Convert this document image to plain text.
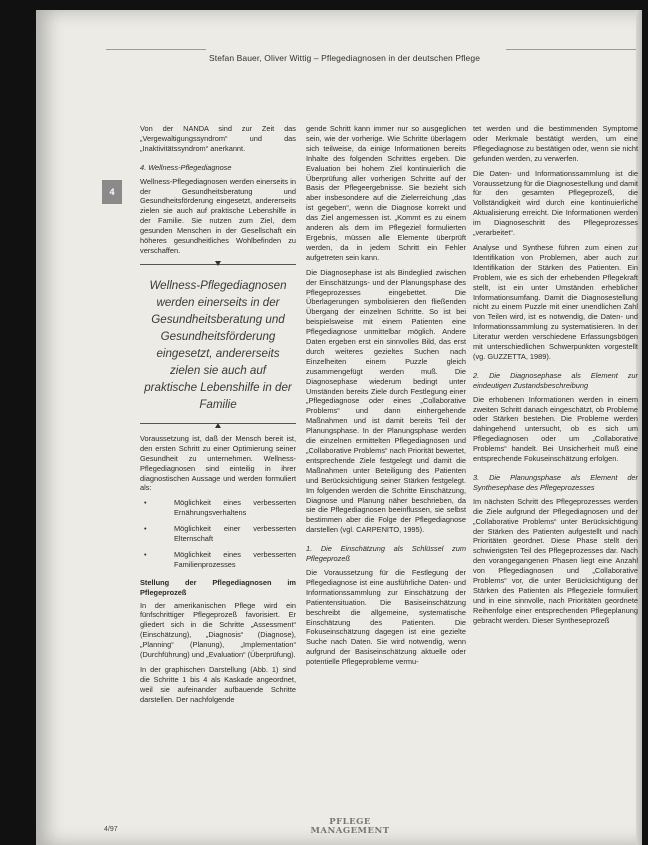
Stefan Bauer, Oliver Wittig – Pflegediagnosen in der deutschen Pflege
4

Von der NANDA sind zur Zeit das „Vergewaltigungssyndrom“ und das „Inaktivitätssyndrom“ anerkannt.

4. Wellness-Pflegediagnose

Wellness-Pflegediagnosen werden einerseits in der Gesundheitsberatung und Gesundheitsförderung eingesetzt, andererseits zielen sie auch auf praktische Lebenshilfe in der Familie. Sie nutzen zum Ziel, dem gesunden Menschen in der Gesellschaft ein höheres gesundheitliches Wohlbefinden zu verschaffen.

Wellness-Pflegediagnosen werden einerseits in der Gesundheitsberatung und Gesundheitsförderung eingesetzt, andererseits zielen sie auch auf praktische Lebenshilfe in der Familie

Voraussetzung ist, daß der Mensch bereit ist, den ersten Schritt zu einer Optimierung seiner Gesundheit zu unternehmen. Wellness-Pflegediagnosen sind einteilig in ihrer diagnostischen Aussage und werden formuliert als:

• Möglichkeit eines verbesserten Ernährungsverhaltens
• Möglichkeit einer verbesserten Elternschaft
• Möglichkeit eines verbesserten Familienprozesses
Stellung der Pflegediagnosen im Pflegeprozeß

In der amerikanischen Pflege wird ein fünfschrittiger Pflegeprozeß favorisiert. Er gliedert sich in die Schritte „Assessment“ (Einschätzung), „Diagnosis“ (Diagnose), „Planning“ (Planung), „Implementation“ (Durchführung) und „Evaluation“ (Überprüfung).

In der graphischen Darstellung (Abb. 1) sind die Schritte 1 bis 4 als Kaskade angeordnet, weil sie aufeinander aufbauende Schritte darstellen. Der nachfolgende

gende Schritt kann immer nur so ausgeglichen sein, wie der vorherige. Wie Schritte überlagern sich teilweise, da einige Informationen bereits Inhalte des folgenden Schrittes ergeben. Die Evaluation bei hohem Ziel kontinuierlich die Überprüfung aller vorherigen Schritte auf der Basis der Pflegeergebnisse. Sie bezieht sich aber insbesondere auf die Zielerreichung „das ist gegeben“, wenn die Diagnose korrekt und das Ziel angemessen ist. „Kommt es zu einem anderen als dem im Pflegeziel formulierten Ergebnis, müssen alle Elemente überprüft werden, da in jedem Schritt ein Fehler aufgetreten sein kann.

Die Diagnosephase ist als Bindeglied zwischen der Einschätzungs- und der Planungsphase des Pflegeprozesses eingebettet. Die Überlagerungen symbolisieren den fließenden Übergang der einzelnen Schritte. So ist bei beispielsweise mit einem Patienten eine Pflegediagnose unmittelbar möglich. Andere Daten ergeben erst ein sinnvolles Bild, das erst durch weiteres gezieltes Suchen nach Einzelheiten einem Puzzle gleich zusammengefügt werden muß. Die Diagnosephase wiederum bedingt unter Umständen bereits Ziele durch Festlegung einer „Pflegediagnose oder eines „Collaborative Problems“ und dann einhergehende Maßnahmen und ist damit bereits Teil der Planungsphase. In der Planungsphase werden die einzelnen ermittelten Pflegediagnosen und „Collaborative Problems“ nach Priorität bewertet, entsprechende Ziele festgelegt und damit die Maßnahmen unter Beteiligung des Patienten und Berücksichtigung seiner Stärken festgelegt. Im folgenden werden die Schritte Einschätzung, Diagnose und Planung näher beschrieben, da sie die Pflegediagnosen beeinflussen, sie selbst bestimmen aber die Folge der Pflegediagnose darstellen (vgl. CARPENITO, 1995).

1. Die Einschätzung als Schlüssel zum Pflegeprozeß

Die Voraussetzung für die Festlegung der Pflegediagnose ist eine ausführliche Daten- und Informationssammlung zur Einschätzung der Patientensituation. Die Basiseinschätzung beschreibt die allgemeine, systematische Einschätzung des Patienten. Die Fokuseinschätzung dagegen ist eine gezielte Suche nach Daten. Sie wird notwendig, wenn aufgrund der Basiseinschätzung aktuelle oder potentielle Pflegeprobleme vermu-

tet werden und die bestimmenden Symptome oder Merkmale bestätigt werden, um eine Pflegediagnose zu bestätigen oder, wenn sie nicht gefunden werden, zu verwerfen.

Die Daten- und Informationssammlung ist die Voraussetzung für die Diagnosestellung und damit für den gesamten Pflegeprozeß, die Vollständigkeit wird durch eine kontinuierliche Aktualisierung erreicht. Die Informationen werden im Diagnoseschritt des Pflegeprozesses „verarbeitet“.

Analyse und Synthese führen zum einen zur Identifikation von Problemen, aber auch zur Identifikation der Stärken des Patienten. Ein Problem, wie es sich der erhebenden Pflegekraft stellt, ist ein unter Umständen erheblicher Informationsumfang. Damit die Diagnosestellung nicht zu einem Puzzle mit einer unendlichen Zahl von Teilen wird, ist es notwendig, die Daten- und Informationssammlung zu systematisieren. In der Literatur werden verschiedene Erfassungsbögen mit unterschiedlichen Schwerpunkten vorgestellt (vg. GUZZETTA, 1989).

2. Die Diagnosephase als Element zur eindeutigen Zustandsbeschreibung

Die erhobenen Informationen werden in einem zweiten Schritt danach eingeschätzt, ob Probleme oder Stärken bestehen. Die Probleme werden dahingehend untersucht, ob es sich um Pflegediagnosen oder um „Collaborative Problems“ handelt. Bei Unsicherheit muß eine entsprechende Fokuseinschätzung erfolgen.

3. Die Planungsphase als Element der Synthesephase des Pflegeprozesses

Im nächsten Schritt des Pflegeprozesses werden die Ziele aufgrund der Pflegediagnosen und der „Collaborative Problems“ unter Berücksichtigung der Stärken des Patienten aufgestellt und nach Prioritäten geordnet. Diese Phase stellt den schwierigsten Teil des Pflegeprozesses dar. Nach den vorangegangenen Phasen liegt eine Anzahl von Pflegediagnosen und „Collaborative Problems“ vor, die unter Berücksichtigung der Stärken des Patienten als Pflegeziele formuliert und in eine sinnvolle, nach Prioritäten geordnete Reihenfolge einer entsprechenden Pflegeplanung gebracht werden. Dieser Syntheseprozeß

4/97
PFLEGE
MANAGEMENT
